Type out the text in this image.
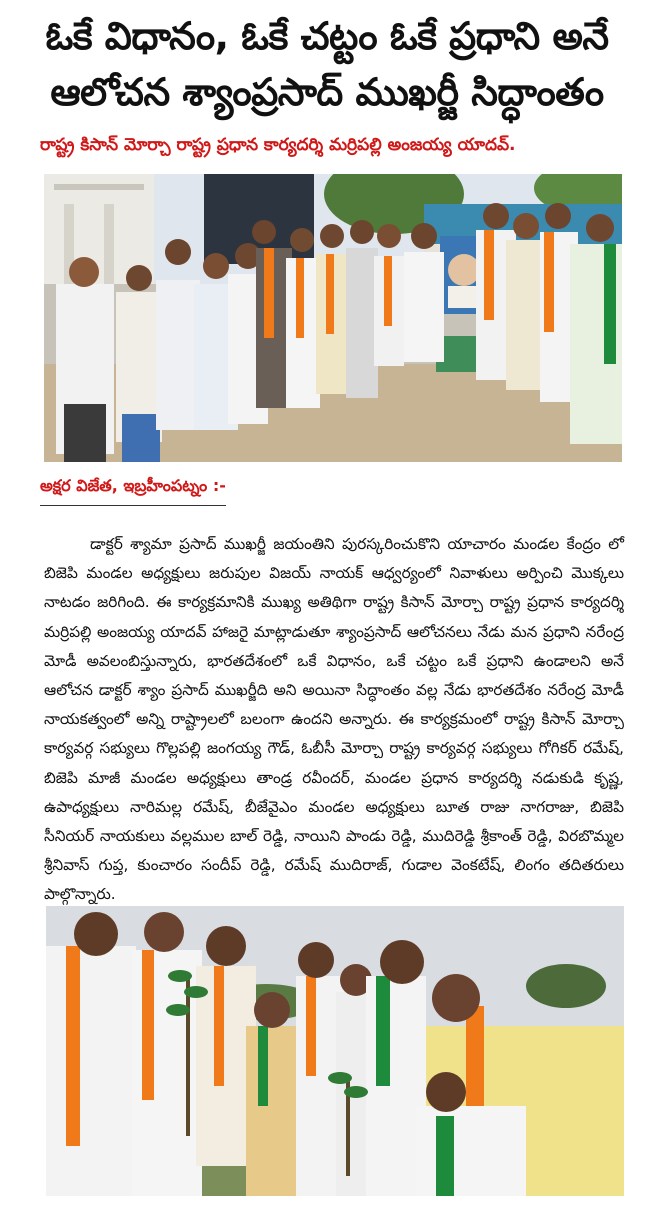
ఓకే విధానం, ఓకే చట్టం ఓకే ప్రధాని అనే
ఆలోచన శ్యాంప్రసాద్ ముఖర్జీ సిద్ధాంతం
రాష్ట్ర కిసాన్ మోర్చా రాష్ట్ర ప్రధాన కార్యదర్శి మర్రిపల్లి అంజయ్య యాదవ్.
అక్షర విజేత, ఇబ్రహీంపట్నం :-
డాక్టర్ శ్యామా ప్రసాద్ ముఖర్జీ జయంతిని పురస్కరించుకొని యాచారం మండల కేంద్రం లో బిజెపి మండల అధ్యక్షులు జరుపుల విజయ్ నాయక్ ఆధ్వర్యంలో నివాళులు అర్పించి మొక్కలు నాటడం జరిగింది. ఈ కార్యక్రమానికి ముఖ్య అతిథిగా రాష్ట్ర కిసాన్ మోర్చా రాష్ట్ర ప్రధాన కార్యదర్శి మర్రిపల్లి అంజయ్య యాదవ్ హాజరై మాట్లాడుతూ శ్యాంప్రసాద్ ఆలోచనలు నేడు మన ప్రధాని నరేంద్ర మోడీ అవలంబిస్తున్నారు, భారతదేశంలో ఒకే విధానం, ఒకే చట్టం ఒకే ప్రధాని ఉండాలని అనే ఆలోచన డాక్టర్ శ్యాం ప్రసాద్ ముఖర్జీది అని అయినా సిద్ధాంతం వల్ల నేడు భారతదేశం నరేంద్ర మోడీ నాయకత్వంలో అన్ని రాష్ట్రాలలో బలంగా ఉందని అన్నారు. ఈ కార్యక్రమంలో రాష్ట్ర కిసాన్ మోర్చా కార్యవర్గ సభ్యులు గొల్లపల్లి జంగయ్య గౌడ్, ఓబీసీ మోర్చా రాష్ట్ర కార్యవర్గ సభ్యులు గోగికర్ రమేష్, బిజెపి మాజీ మండల అధ్యక్షులు తాండ్ర రవీందర్, మండల ప్రధాన కార్యదర్శి నడుకుడి కృష్ణ, ఉపాధ్యక్షులు నారిమల్ల రమేష్, బీజేవైఎం మండల అధ్యక్షులు బూత రాజు నాగరాజు, బిజెపి సీనియర్ నాయకులు వల్లముల బాల్ రెడ్డి, నాయిని పాండు రెడ్డి, ముదిరెడ్డి శ్రీకాంత్ రెడ్డి, విరబొమ్మల శ్రీనివాస్ గుప్త, కుంచారం సందీప్ రెడ్డి, రమేష్ ముదిరాజ్, గుడాల వెంకటేష్, లింగం తదితరులు పాల్గొన్నారు.
